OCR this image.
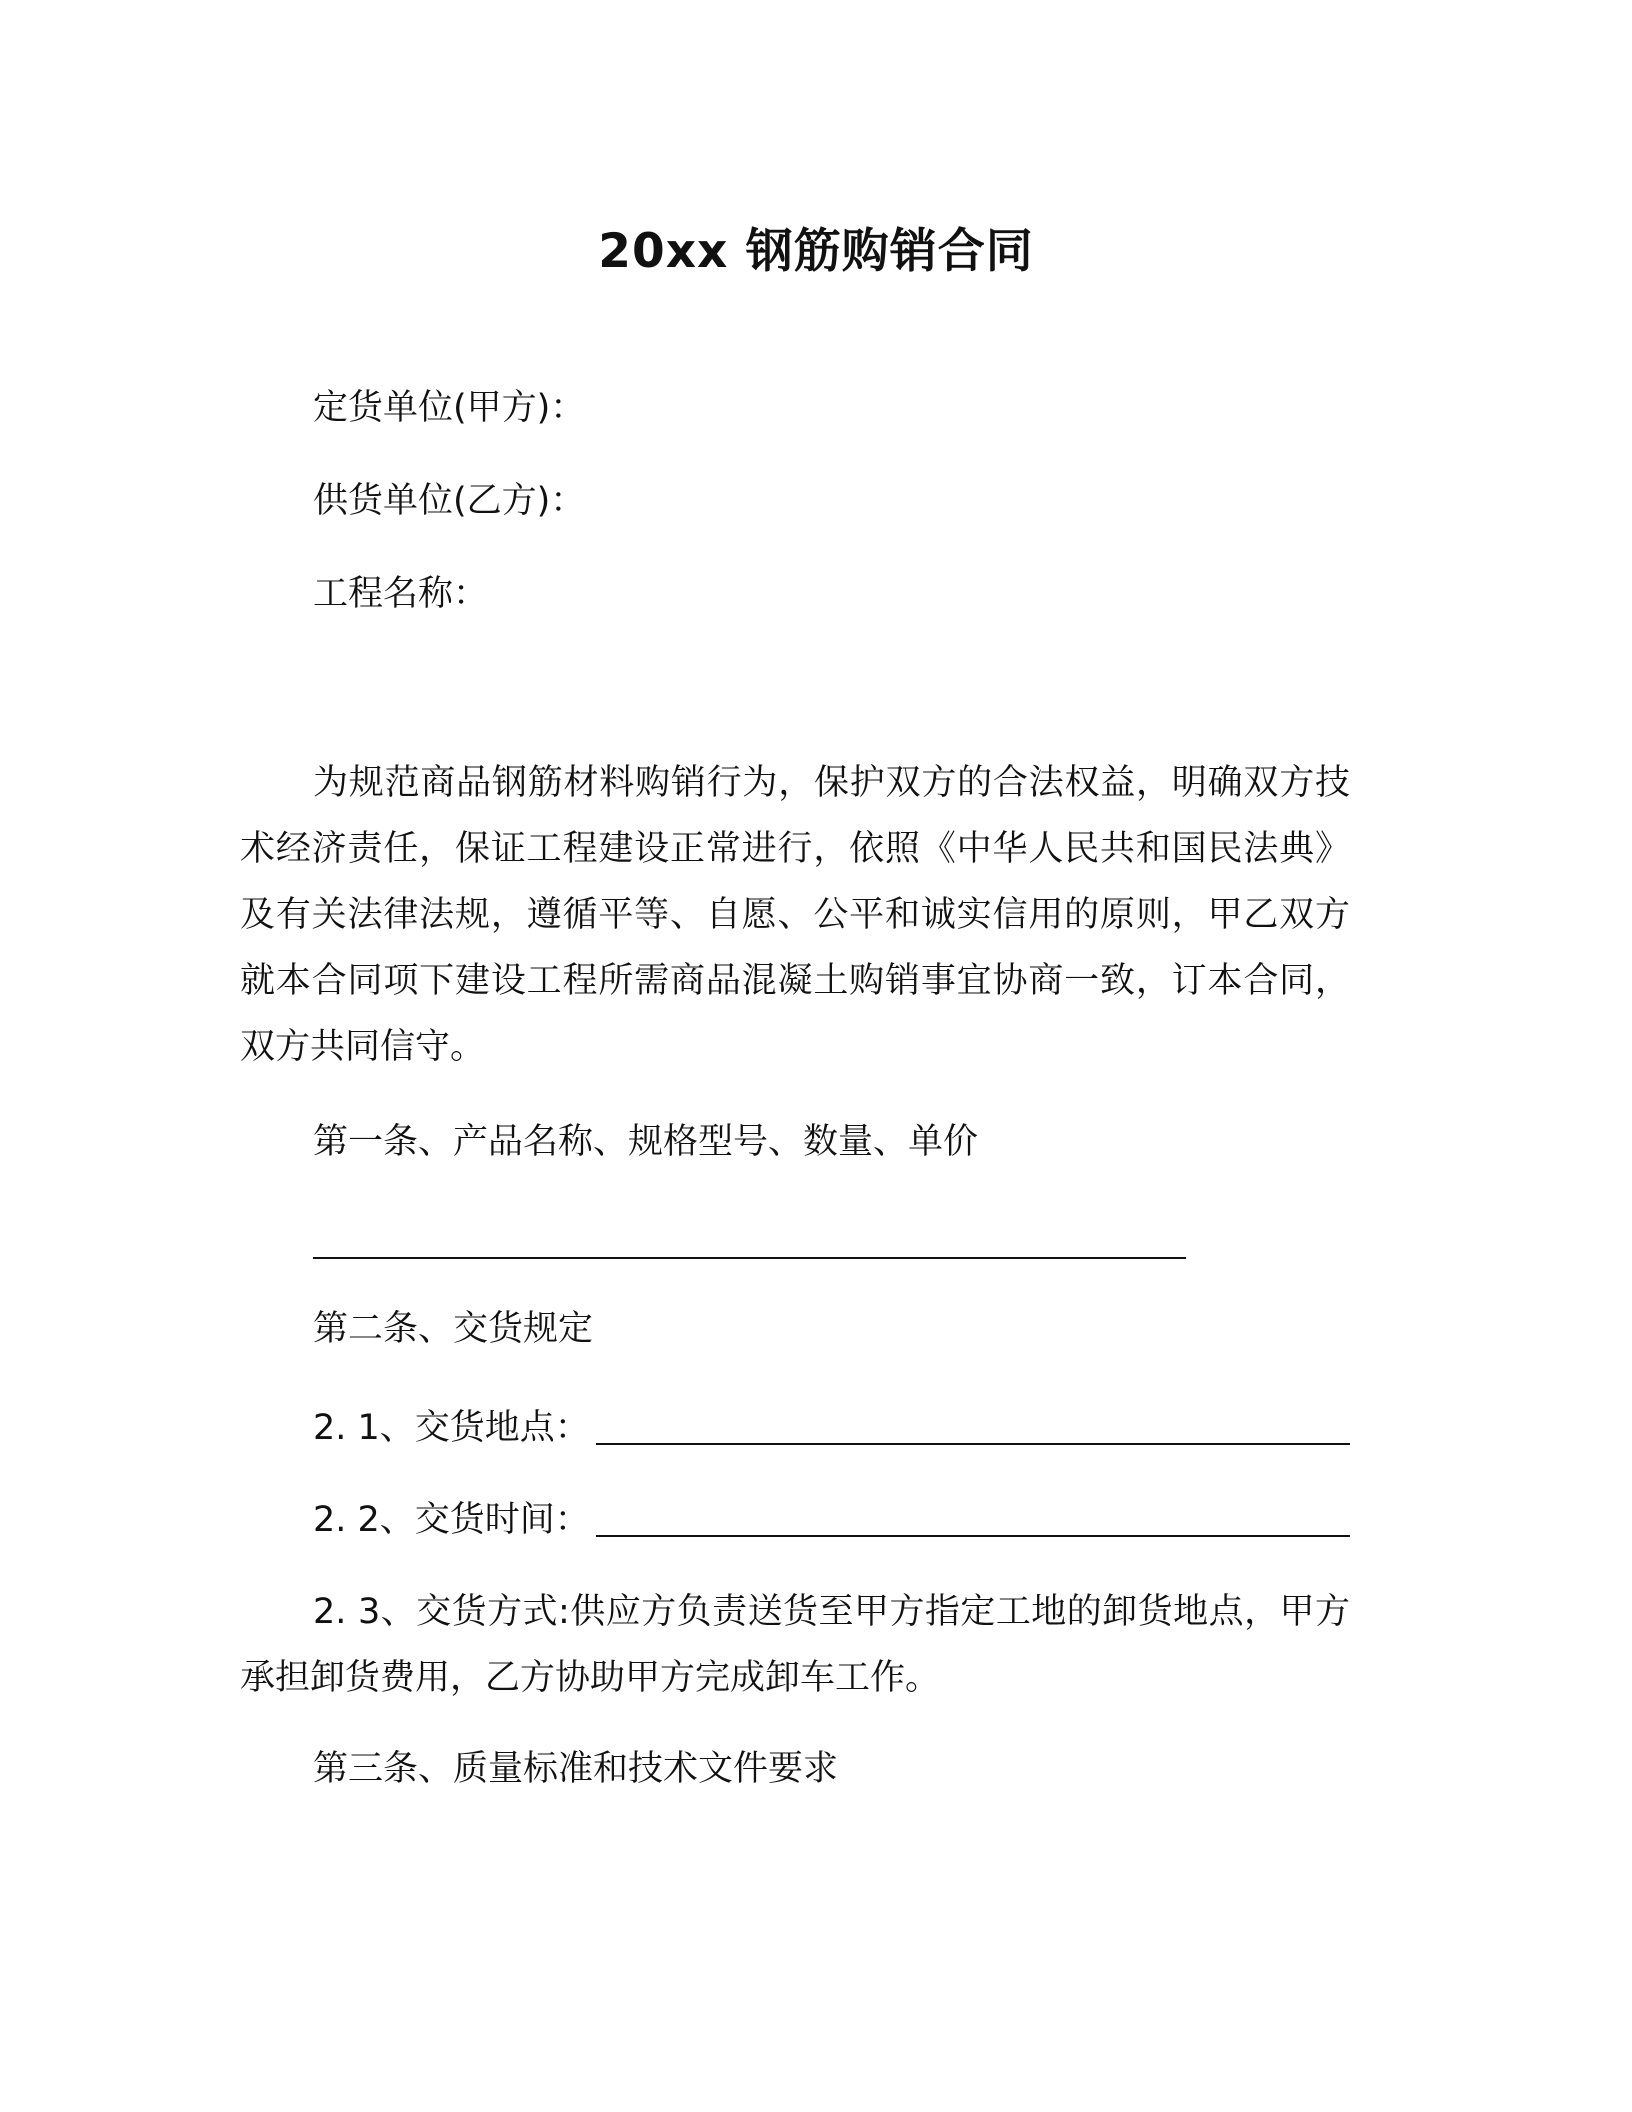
20xx 钢筋购销合同
定货单位(甲方)：
供货单位(乙方)：
工程名称：
为规范商品钢筋材料购销行为，保护双方的合法权益，明确双方技术经济责任，保证工程建设正常进行，依照《中华人民共和国民法典》及有关法律法规，遵循平等、自愿、公平和诚实信用的原则，甲乙双方就本合同项下建设工程所需商品混凝土购销事宜协商一致，订本合同，双方共同信守。
第一条、产品名称、规格型号、数量、单价
第二条、交货规定
2. 1、交货地点：
2. 2、交货时间：
2. 3、交货方式:供应方负责送货至甲方指定工地的卸货地点，甲方承担卸货费用，乙方协助甲方完成卸车工作。
第三条、质量标准和技术文件要求
